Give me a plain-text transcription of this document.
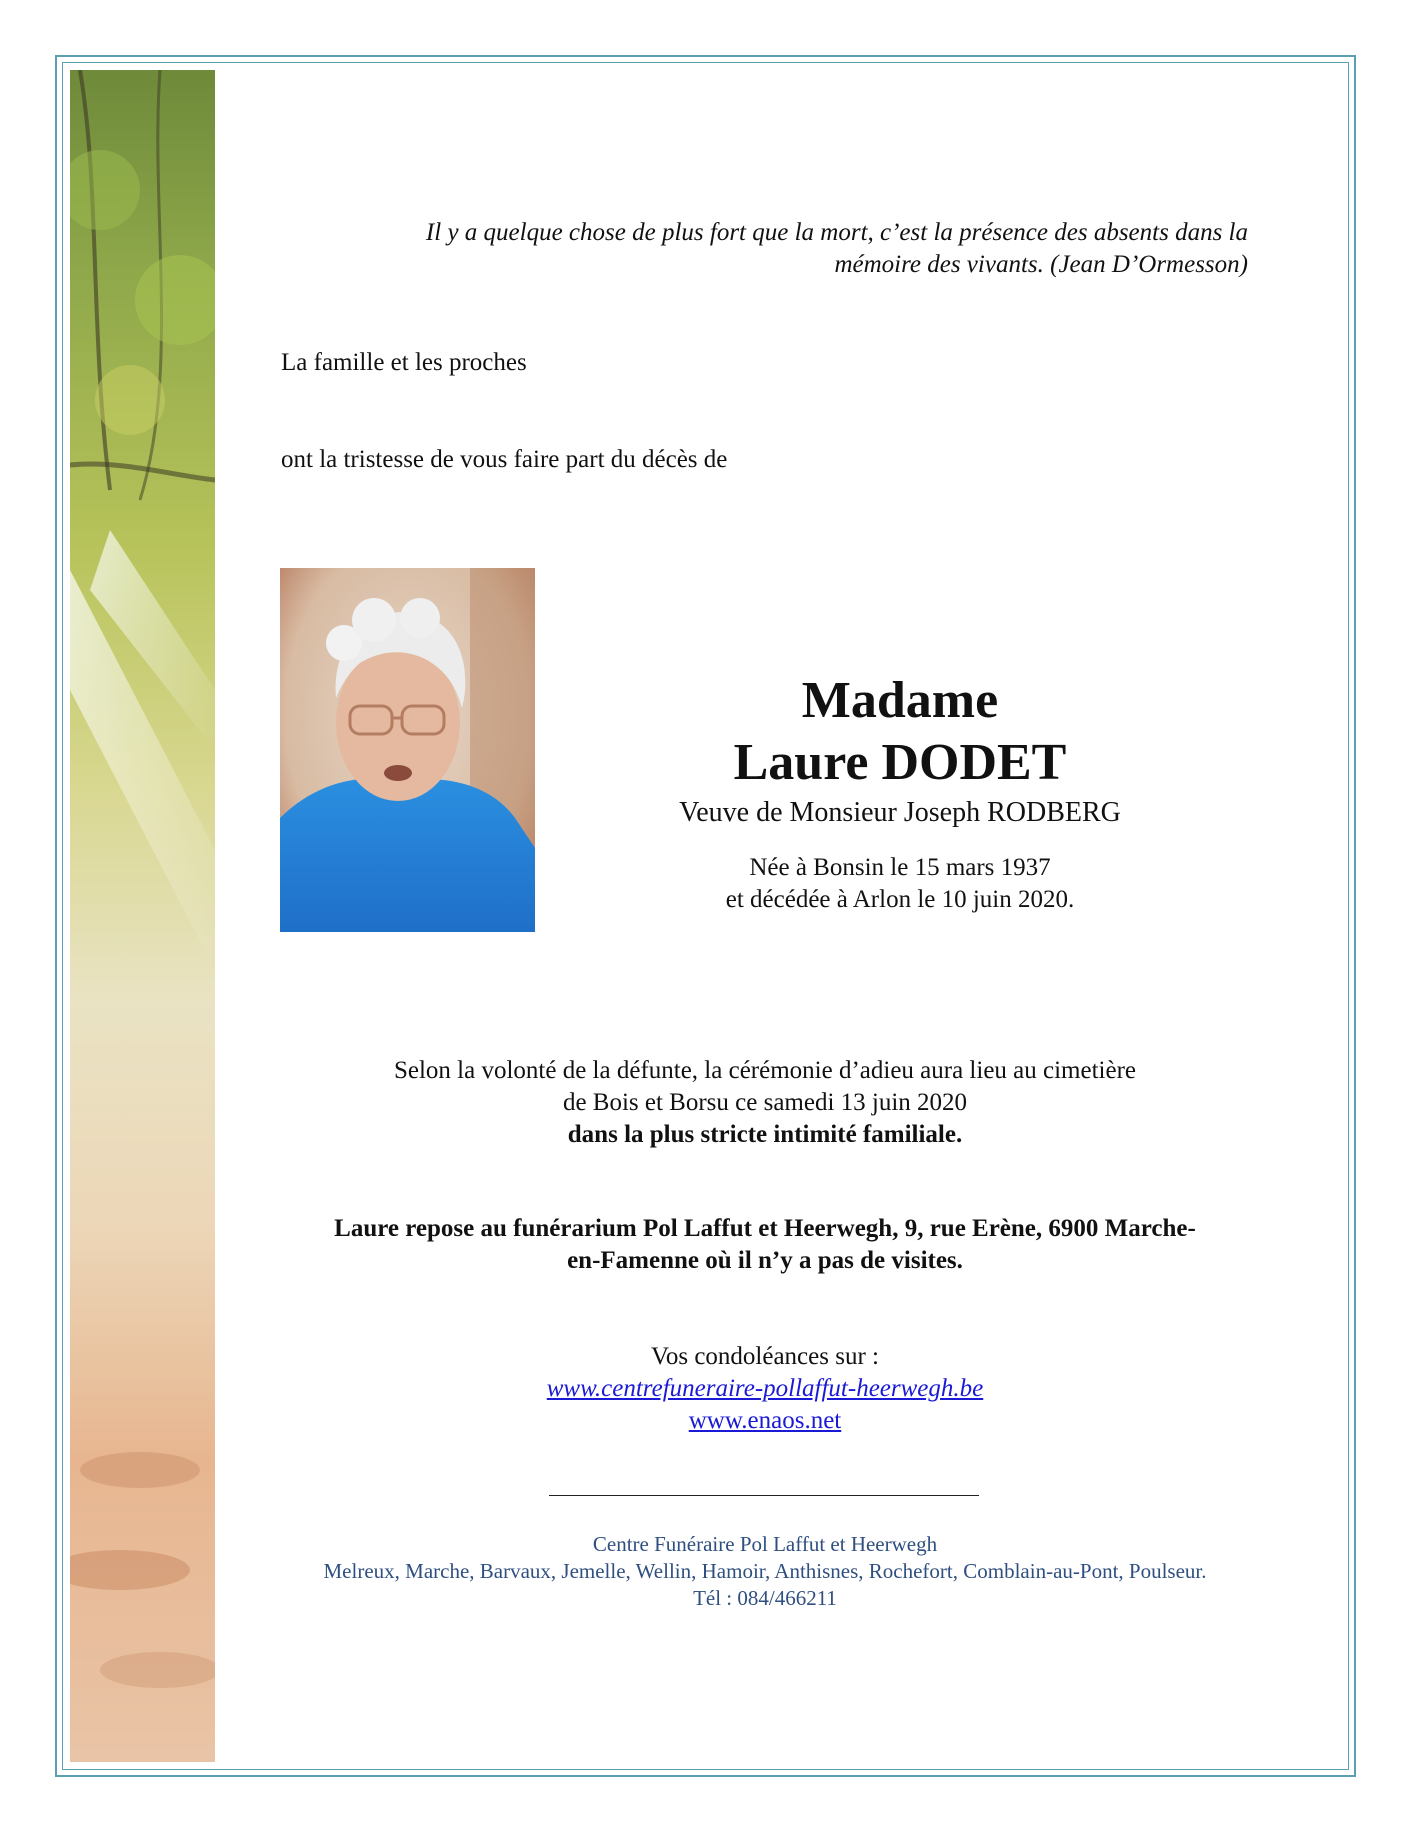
Il y a quelque chose de plus fort que la mort, c’est la présence des absents dans la
mémoire des vivants. (Jean D’Ormesson)
La famille et les proches
ont la tristesse de vous faire part du décès de
Madame
Laure DODET
Veuve de Monsieur Joseph RODBERG
Née à Bonsin le 15 mars 1937
et décédée à Arlon le 10 juin 2020.
Selon la volonté de la défunte, la cérémonie d’adieu aura lieu au cimetière
de Bois et Borsu ce samedi 13 juin 2020
dans la plus stricte intimité familiale.
Laure repose au funérarium Pol Laffut et Heerwegh, 9, rue Erène, 6900 Marche-
en-Famenne où il n’y a pas de visites.
Vos condoléances sur :
www.centrefuneraire-pollaffut-heerwegh.be
www.enaos.net
Centre Funéraire Pol Laffut et Heerwegh
Melreux, Marche, Barvaux, Jemelle, Wellin, Hamoir, Anthisnes, Rochefort, Comblain-au-Pont, Poulseur.
Tél : 084/466211
